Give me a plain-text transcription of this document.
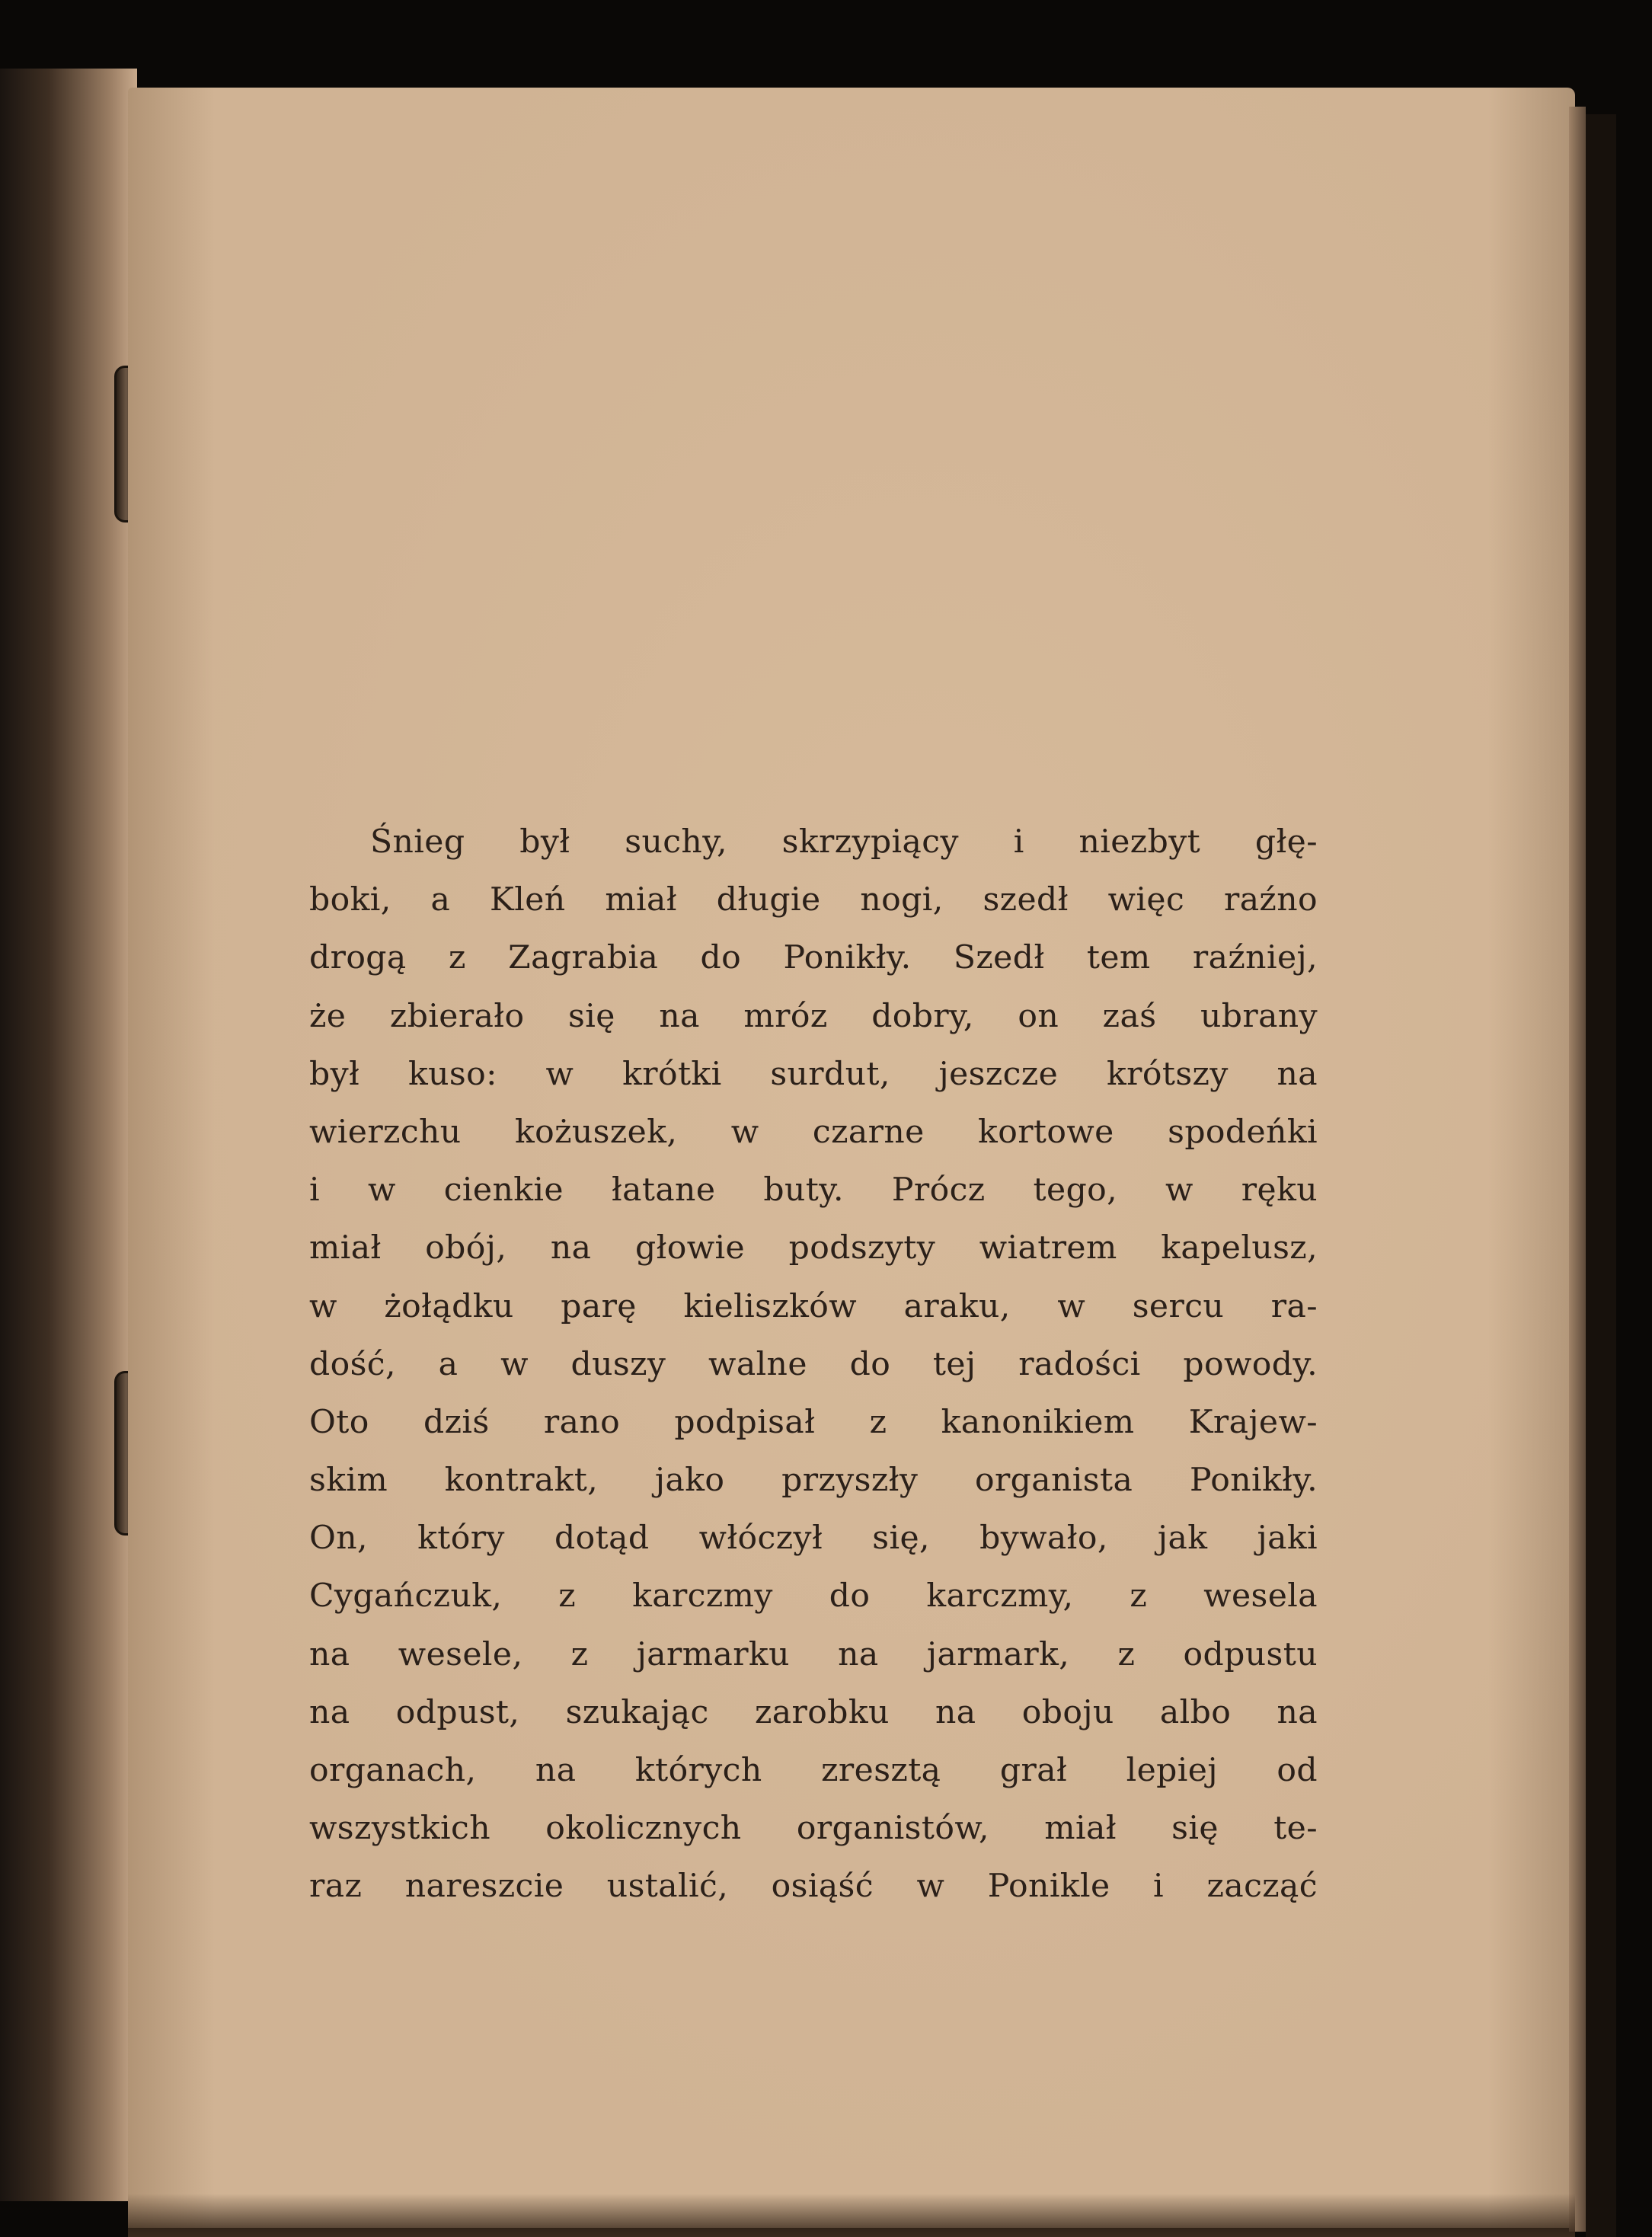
Śnieg był suchy, skrzypiący i niezbyt głę-
boki, a Kleń miał długie nogi, szedł więc raźno
drogą z Zagrabia do Ponikły. Szedł tem raźniej,
że zbierało się na mróz dobry, on zaś ubrany
był kuso: w krótki surdut, jeszcze krótszy na
wierzchu kożuszek, w czarne kortowe spodeńki
i w cienkie łatane buty. Prócz tego, w ręku
miał obój, na głowie podszyty wiatrem kapelusz,
w żołądku parę kieliszków araku, w sercu ra-
dość, a w duszy walne do tej radości powody.
Oto dziś rano podpisał z kanonikiem Krajew-
skim kontrakt, jako przyszły organista Ponikły.
On, który dotąd włóczył się, bywało, jak jaki
Cygańczuk, z karczmy do karczmy, z wesela
na wesele, z jarmarku na jarmark, z odpustu
na odpust, szukając zarobku na oboju albo na
organach, na których zresztą grał lepiej od
wszystkich okolicznych organistów, miał się te-
raz nareszcie ustalić, osiąść w Ponikle i zacząć
